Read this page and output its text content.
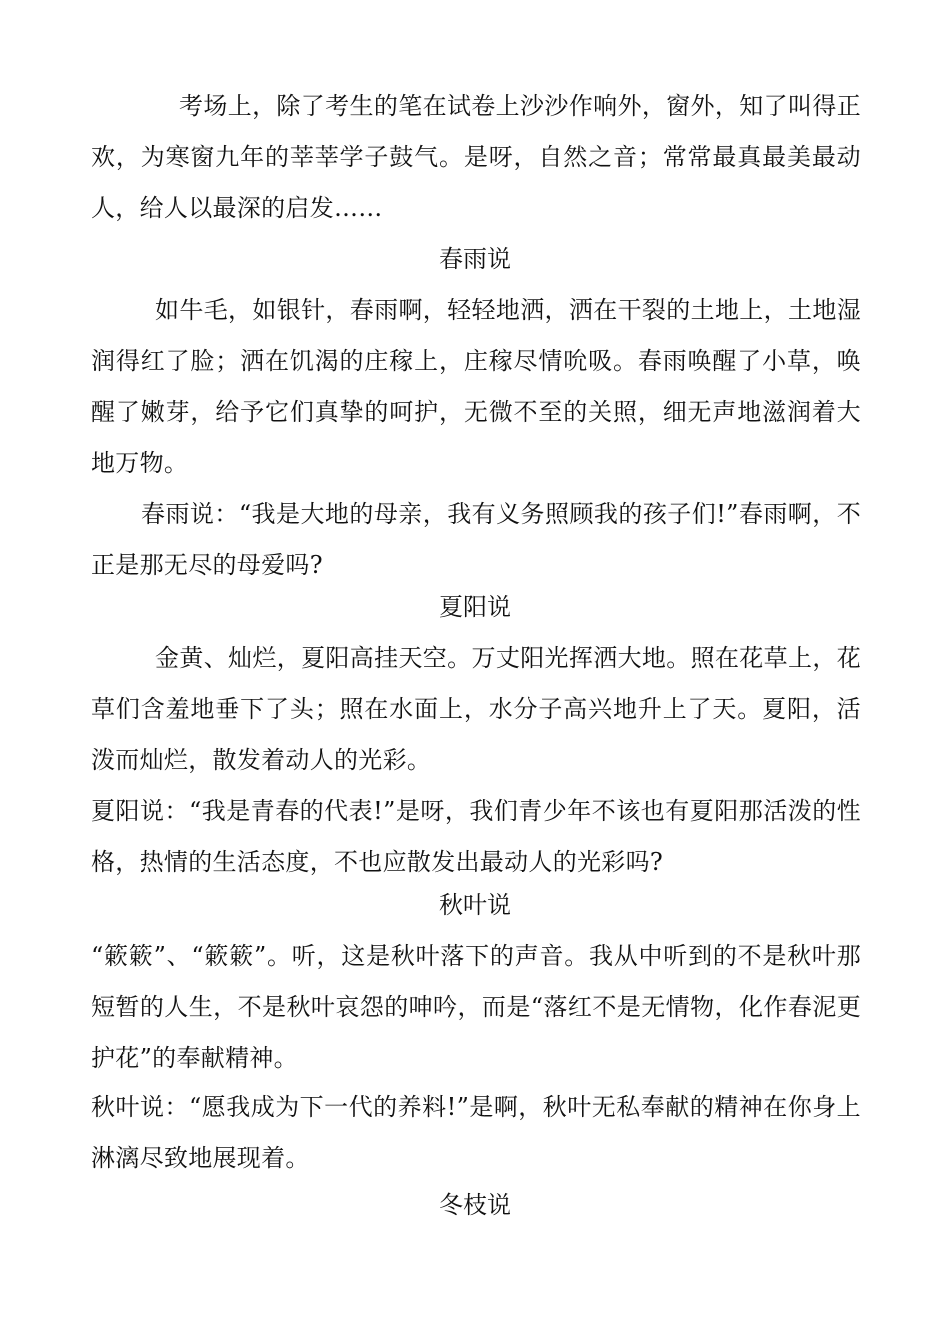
考场上，除了考生的笔在试卷上沙沙作响外，窗外，知了叫得正欢，为寒窗九年的莘莘学子鼓气。是呀，自然之音；常常最真最美最动人，给人以最深的启发……

春雨说

如牛毛，如银针，春雨啊，轻轻地洒，洒在干裂的土地上，土地湿润得红了脸；洒在饥渴的庄稼上，庄稼尽情吮吸。春雨唤醒了小草，唤醒了嫩芽，给予它们真挚的呵护，无微不至的关照，细无声地滋润着大地万物。

春雨说：“我是大地的母亲，我有义务照顾我的孩子们!”春雨啊，不正是那无尽的母爱吗?

夏阳说

金黄、灿烂，夏阳高挂天空。万丈阳光挥洒大地。照在花草上，花草们含羞地垂下了头；照在水面上，水分子高兴地升上了天。夏阳，活泼而灿烂，散发着动人的光彩。

夏阳说：“我是青春的代表!”是呀，我们青少年不该也有夏阳那活泼的性格，热情的生活态度，不也应散发出最动人的光彩吗?

秋叶说

“簌簌”、“簌簌”。听，这是秋叶落下的声音。我从中听到的不是秋叶那短暂的人生，不是秋叶哀怨的呻吟，而是“落红不是无情物，化作春泥更护花”的奉献精神。

秋叶说：“愿我成为下一代的养料!”是啊，秋叶无私奉献的精神在你身上淋漓尽致地展现着。

冬枝说
